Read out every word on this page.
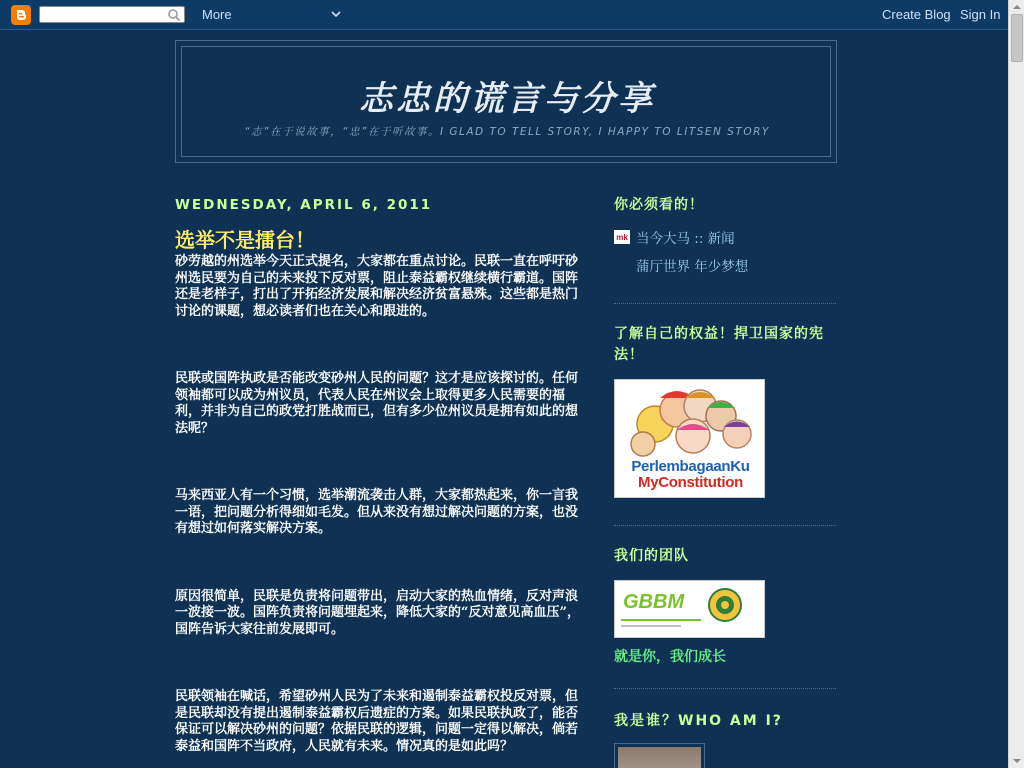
More	Create Blog Sign In
志忠的谎言与分享
“志”在于说故事，“忠”在于听故事。I GLAD TO TELL STORY, I HAPPY TO LITSEN STORY
WEDNESDAY, APRIL 6, 2011
选举不是擂台！

砂劳越的州选举今天正式提名，大家都在重点讨论。民联一直在呼吁砂州选民要为自己的未来投下反对票，阻止泰益霸权继续横行霸道。国阵还是老样子，打出了开拓经济发展和解决经济贫富悬殊。这些都是热门讨论的课题，想必读者们也在关心和跟进的。

民联或国阵执政是否能改变砂州人民的问题？这才是应该探讨的。任何领袖都可以成为州议员，代表人民在州议会上取得更多人民需要的福利，并非为自己的政党打胜战而已，但有多少位州议员是拥有如此的想法呢？

马来西亚人有一个习惯，选举潮流袭击人群，大家都热起来，你一言我一语，把问题分析得细如毛发。但从来没有想过解决问题的方案，也没有想过如何落实解决方案。

原因很简单，民联是负责将问题带出，启动大家的热血情绪，反对声浪一波接一波。国阵负责将问题埋起来，降低大家的“反对意见高血压”，国阵告诉大家往前发展即可。

民联领袖在喊话，希望砂州人民为了未来和遏制泰益霸权投反对票，但是民联却没有提出遏制泰益霸权后遗症的方案。如果民联执政了，能否保证可以解决砂州的问题？依据民联的逻辑，问题一定得以解决，倘若泰益和国阵不当政府，人民就有未来。情况真的是如此吗？

你必须看的！
mk 当今大马 :: 新闻
蒲厅世界 年少梦想
了解自己的权益！捍卫国家的宪法！
PerlembagaanKu
MyConstitution
我们的团队
GBBM
就是你，我们成长
我是谁？WHO AM I?
